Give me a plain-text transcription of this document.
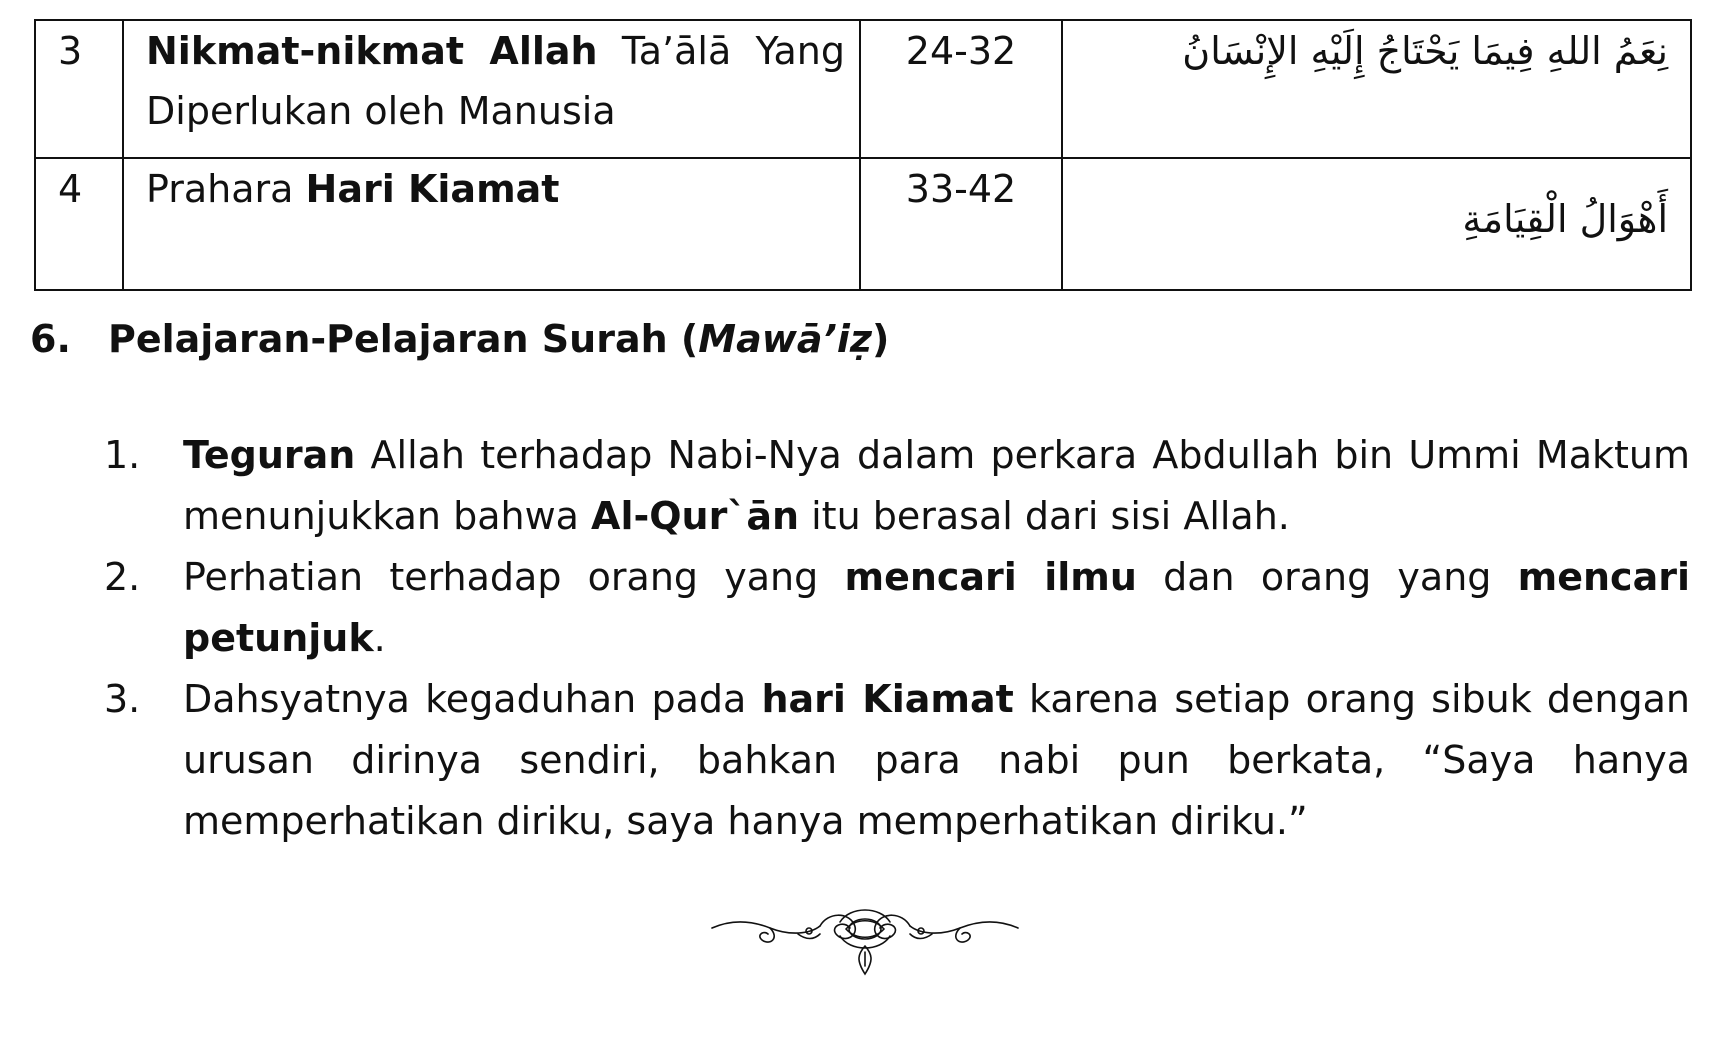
3	Nikmat-nikmat Allah Ta’ālā Yang Diperlukan oleh Manusia	24-32	نِعَمُ اللهِ فِيمَا يَحْتَاجُ إِلَيْهِ الإِنْسَانُ
4	Prahara Hari Kiamat	33-42	أَهْوَالُ الْقِيَامَةِ
6. Pelajaran-Pelajaran Surah (Mawā’iẓ)
1. Teguran Allah terhadap Nabi-Nya dalam perkara Abdullah bin Ummi Maktum menunjukkan bahwa Al-Qur`ān itu berasal dari sisi Allah.
2. Perhatian terhadap orang yang mencari ilmu dan orang yang mencari petunjuk.
3. Dahsyatnya kegaduhan pada hari Kiamat karena setiap orang sibuk dengan urusan dirinya sendiri, bahkan para nabi pun berkata, “Saya hanya memperhatikan diriku, saya hanya memperhatikan diriku.”
